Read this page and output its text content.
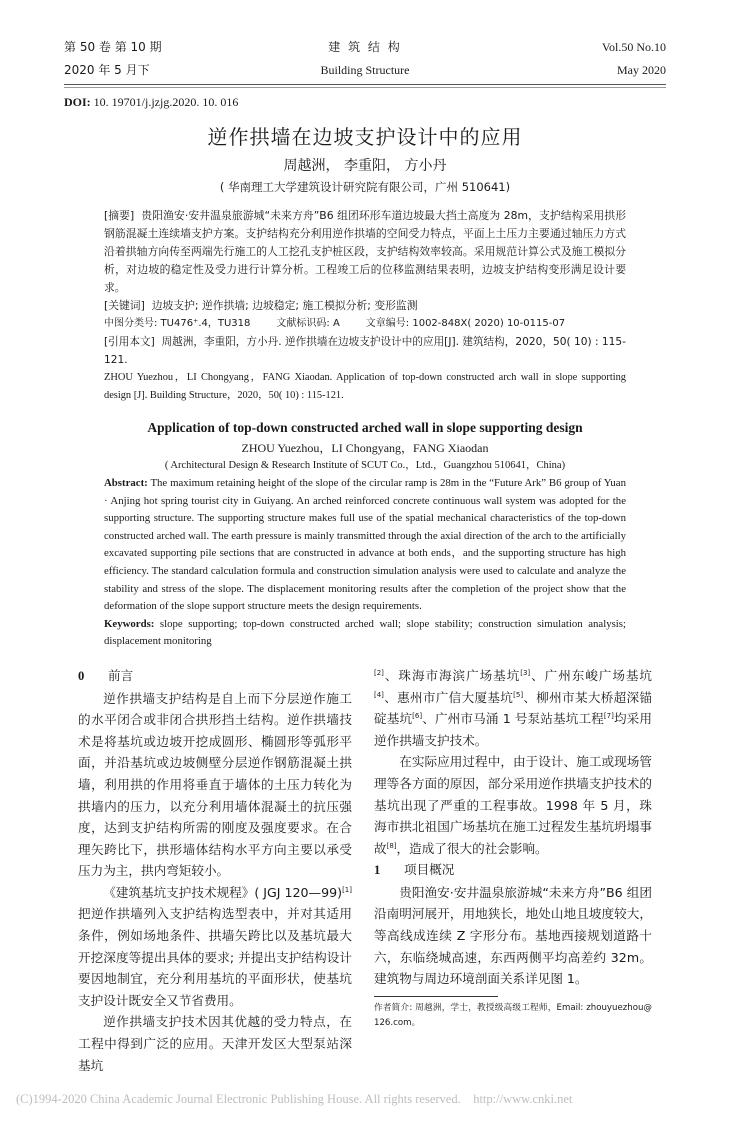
第 50 卷 第 10 期
2020 年 5 月下
建 筑 结 构
Building Structure
Vol.50 No.10
May 2020
DOI: 10. 19701/j.jzjg.2020. 10. 016
逆作拱墙在边坡支护设计中的应用
周越洲， 李重阳， 方小丹
( 华南理工大学建筑设计研究院有限公司，广州 510641)
[摘要] 贵阳渔安·安井温泉旅游城“未来方舟”B6 组团环形车道边坡最大挡土高度为 28m，支护结构采用拱形钢筋混凝土连续墙支护方案。支护结构充分利用逆作拱墙的空间受力特点，平面上土压力主要通过轴压力方式沿着拱轴方向传至两端先行施工的人工挖孔支护桩区段，支护结构效率较高。采用规范计算公式及施工模拟分析，对边坡的稳定性及受力进行计算分析。工程竣工后的位移监测结果表明，边坡支护结构变形满足设计要求。
[关键词] 边坡支护; 逆作拱墙; 边坡稳定; 施工模拟分析; 变形监测
中图分类号: TU476⁺.4，TU318	文献标识码: A	文章编号: 1002-848X( 2020) 10-0115-07
[引用本文] 周越洲，李重阳，方小丹. 逆作拱墙在边坡支护设计中的应用[J]. 建筑结构，2020，50( 10) : 115-121.
ZHOU Yuezhou，LI Chongyang，FANG Xiaodan. Application of top-down constructed arch wall in slope supporting design [J]. Building Structure，2020，50( 10) : 115-121.
Application of top-down constructed arched wall in slope supporting design
ZHOU Yuezhou，LI Chongyang，FANG Xiaodan
( Architectural Design & Research Institute of SCUT Co.，Ltd.，Guangzhou 510641，China)
Abstract: The maximum retaining height of the slope of the circular ramp is 28m in the “Future Ark” B6 group of Yuan · Anjing hot spring tourist city in Guiyang. An arched reinforced concrete continuous wall system was adopted for the supporting structure. The supporting structure makes full use of the spatial mechanical characteristics of the top-down constructed arched wall. The earth pressure is mainly transmitted through the axial direction of the arch to the artificially excavated supporting pile sections that are constructed in advance at both ends，and the supporting structure has high efficiency. The standard calculation formula and construction simulation analysis were used to calculate and analyze the stability and stress of the slope. The displacement monitoring results after the completion of the project show that the deformation of the slope support structure meets the design requirements.
Keywords: slope supporting; top-down constructed arched wall; slope stability; construction simulation analysis; displacement monitoring
0 前言

逆作拱墙支护结构是自上而下分层逆作施工的水平闭合或非闭合拱形挡土结构。逆作拱墙技术是将基坑或边坡开挖成圆形、椭圆形等弧形平面，并沿基坑或边坡侧壁分层逆作钢筋混凝土拱墙，利用拱的作用将垂直于墙体的土压力转化为拱墙内的压力，以充分利用墙体混凝土的抗压强度，达到支护结构所需的刚度及强度要求。在合理矢跨比下，拱形墙体结构水平方向主要以承受压力为主，拱内弯矩较小。

《建筑基坑支护技术规程》( JGJ 120—99)[1]把逆作拱墙列入支护结构选型表中，并对其适用条件，例如场地条件、拱墙矢跨比以及基坑最大开挖深度等提出具体的要求; 并提出支护结构设计要因地制宜，充分利用基坑的平面形状，使基坑支护设计既安全又节省费用。

逆作拱墙支护技术因其优越的受力特点，在工程中得到广泛的应用。天津开发区大型泵站深基坑

[2]、珠海市海滨广场基坑[3]、广州东峻广场基坑[4]、惠州市广信大厦基坑[5]、柳州市某大桥超深锚碇基坑[6]、广州市马涌 1 号泵站基坑工程[7]均采用逆作拱墙支护技术。

在实际应用过程中，由于设计、施工或现场管理等各方面的原因，部分采用逆作拱墙支护技术的基坑出现了严重的工程事故。1998 年 5 月，珠海市拱北祖国广场基坑在施工过程发生基坑坍塌事故[8]，造成了很大的社会影响。

1 项目概况

贵阳渔安·安井温泉旅游城“未来方舟”B6 组团沿南明河展开，用地狭长，地处山地且坡度较大，等高线成连续 Z 字形分布。基地西接规划道路十六，东临绕城高速，东西两侧平均高差约 32m。建筑物与周边环境剖面关系详见图 1。

作者简介: 周越洲，学士，教授级高级工程师，Email: zhouyuezhou@126.com。
(C)1994-2020 China Academic Journal Electronic Publishing House. All rights reserved.    http://www.cnki.net
